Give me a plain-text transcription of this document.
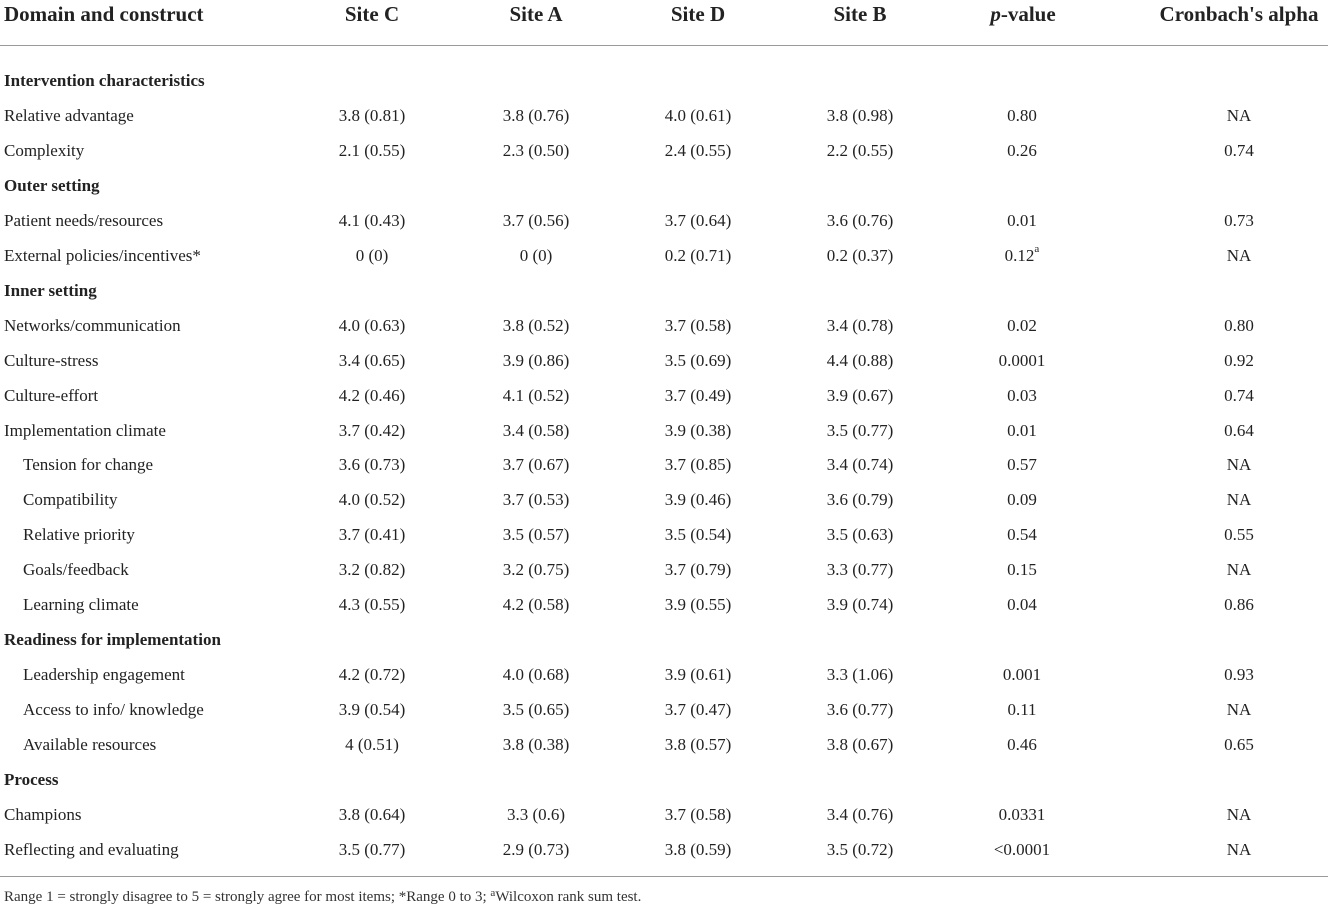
Domain and construct	Site C	Site A	Site D	Site B	p-value	Cronbach's alpha
Intervention characteristics
Relative advantage	3.8 (0.81)	3.8 (0.76)	4.0 (0.61)	3.8 (0.98)	0.80	NA
Complexity	2.1 (0.55)	2.3 (0.50)	2.4 (0.55)	2.2 (0.55)	0.26	0.74
Outer setting
Patient needs/resources	4.1 (0.43)	3.7 (0.56)	3.7 (0.64)	3.6 (0.76)	0.01	0.73
External policies/incentives*	0 (0)	0 (0)	0.2 (0.71)	0.2 (0.37)	0.12$^a$	NA
Inner setting
Networks/communication	4.0 (0.63)	3.8 (0.52)	3.7 (0.58)	3.4 (0.78)	0.02	0.80
Culture-stress	3.4 (0.65)	3.9 (0.86)	3.5 (0.69)	4.4 (0.88)	0.0001	0.92
Culture-effort	4.2 (0.46)	4.1 (0.52)	3.7 (0.49)	3.9 (0.67)	0.03	0.74
Implementation climate	3.7 (0.42)	3.4 (0.58)	3.9 (0.38)	3.5 (0.77)	0.01	0.64
Tension for change	3.6 (0.73)	3.7 (0.67)	3.7 (0.85)	3.4 (0.74)	0.57	NA
Compatibility	4.0 (0.52)	3.7 (0.53)	3.9 (0.46)	3.6 (0.79)	0.09	NA
Relative priority	3.7 (0.41)	3.5 (0.57)	3.5 (0.54)	3.5 (0.63)	0.54	0.55
Goals/feedback	3.2 (0.82)	3.2 (0.75)	3.7 (0.79)	3.3 (0.77)	0.15	NA
Learning climate	4.3 (0.55)	4.2 (0.58)	3.9 (0.55)	3.9 (0.74)	0.04	0.86
Readiness for implementation
Leadership engagement	4.2 (0.72)	4.0 (0.68)	3.9 (0.61)	3.3 (1.06)	0.001	0.93
Access to info/ knowledge	3.9 (0.54)	3.5 (0.65)	3.7 (0.47)	3.6 (0.77)	0.11	NA
Available resources	4 (0.51)	3.8 (0.38)	3.8 (0.57)	3.8 (0.67)	0.46	0.65
Process
Champions	3.8 (0.64)	3.3 (0.6)	3.7 (0.58)	3.4 (0.76)	0.0331	NA
Reflecting and evaluating	3.5 (0.77)	2.9 (0.73)	3.8 (0.59)	3.5 (0.72)	<0.0001	NA
Range 1 = strongly disagree to 5 = strongly agree for most items; *Range 0 to 3; $^a$Wilcoxon rank sum test.
